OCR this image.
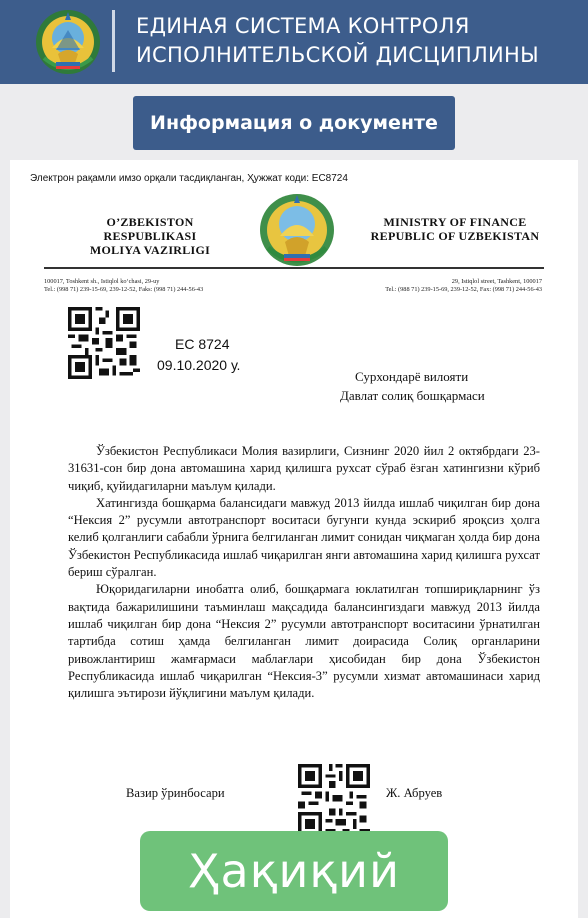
ЕДИНАЯ СИСТЕМА КОНТРОЛЯ
ИСПОЛНИТЕЛЬСКОЙ ДИСЦИПЛИНЫ
Информация о документе
Электрон рақамли имзо орқали тасдиқланган, Ҳужжат коди: EC8724
O’ZBEKISTON RESPUBLIKASI
MOLIYA VAZIRLIGI
MINISTRY OF FINANCE
REPUBLIC OF UZBEKISTAN
100017, Toshkent sh., Istiqlol ko‘chasi, 29-uy
Tel.: (998 71) 239-15-69, 239-12-52, Faks: (998 71) 244-56-43
29, Istiqlol street, Tashkent, 100017
Tel.: (988 71) 239-15-69, 239-12-52, Fax: (998 71) 244-56-43
EC 8724
09.10.2020 у.
Сурхондарё вилояти
Давлат солиқ бошқармаси

Ўзбекистон Республикаси Молия вазирлиги, Сизнинг 2020 йил 2 октябрдаги 23-31631-сон бир дона автомашина харид қилишга рухсат сўраб ёзган хатингизни кўриб чиқиб, қуйидагиларни маълум қилади.

Хатингизда бошқарма балансидаги мавжуд 2013 йилда ишлаб чиқилган бир дона “Нексия 2” русумли автотранспорт воситаси бугунги кунда эскириб яроқсиз ҳолга келиб қолганлиги сабабли ўрнига белгиланган лимит сонидан чиқмаган ҳолда бир дона Ўзбекистон Республикасида ишлаб чиқарилган янги автомашина харид қилишга рухсат бериш сўралган.

Юқоридагиларни инобатга олиб, бошқармага юклатилган топшириқларнинг ўз вақтида бажарилишини таъминлаш мақсадида балансингиздаги мавжуд 2013 йилда ишлаб чиқилган бир дона “Нексия 2” русумли автотранспорт воситасини ўрнатилган тартибда сотиш ҳамда белгиланган лимит доирасида Солиқ органларини ривожлантириш жамғармаси маблағлари ҳисобидан бир дона Ўзбекистон Республикасида ишлаб чиқарилган “Нексия-3” русумли хизмат автомашинаси харид қилишга эътирози йўқлигини маълум қилади.

Вазир ўринбосари	Ж. Абруев
Ҳақиқий
